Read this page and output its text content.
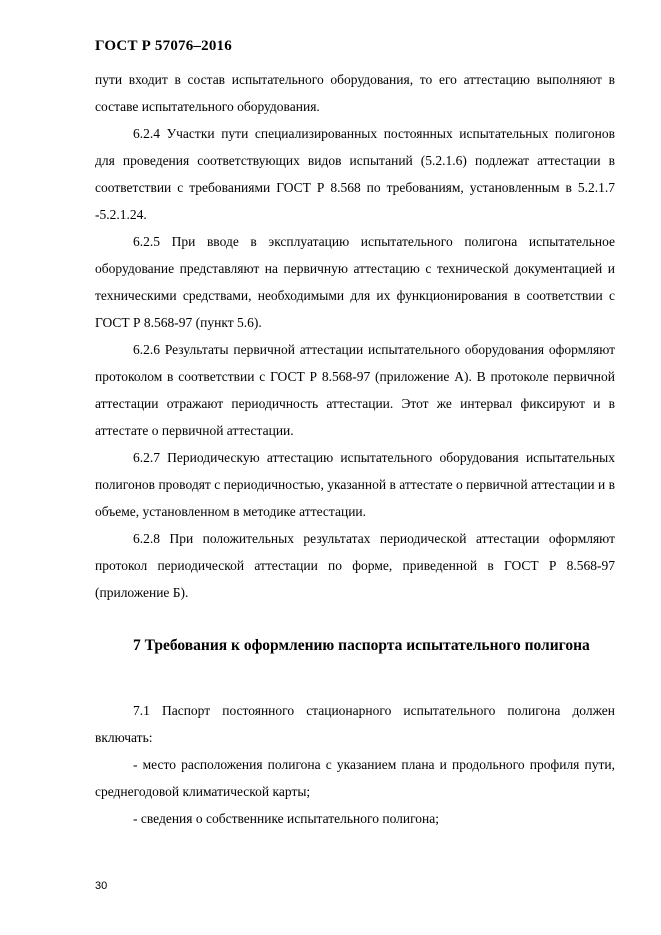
ГОСТ Р 57076–2016

пути входит в состав испытательного оборудования, то его аттестацию выполняют в составе испытательного оборудования.

6.2.4 Участки пути специализированных постоянных испытательных полигонов для проведения соответствующих видов испытаний (5.2.1.6) подлежат аттестации в соответствии с требованиями ГОСТ Р 8.568 по требованиям, установленным в 5.2.1.7 -5.2.1.24.

6.2.5 При вводе в эксплуатацию испытательного полигона испытательное оборудование представляют на первичную аттестацию с технической документацией и техническими средствами, необходимыми для их функционирования в соответствии с ГОСТ Р 8.568-97 (пункт 5.6).

6.2.6 Результаты первичной аттестации испытательного оборудования оформляют протоколом в соответствии с ГОСТ Р 8.568-97 (приложение А). В протоколе первичной аттестации отражают периодичность аттестации. Этот же интервал фиксируют и в аттестате о первичной аттестации.

6.2.7 Периодическую аттестацию испытательного оборудования испытательных полигонов проводят с периодичностью, указанной в аттестате о первичной аттестации и в объеме, установленном в методике аттестации.

6.2.8 При положительных результатах периодической аттестации оформляют протокол периодической аттестации по форме, приведенной в ГОСТ Р 8.568-97 (приложение Б).

7 Требования к оформлению паспорта испытательного полигона

7.1 Паспорт постоянного стационарного испытательного полигона должен включать:

- место расположения полигона с указанием плана и продольного профиля пути, среднегодовой климатической карты;

- сведения о собственнике испытательного полигона;

30
